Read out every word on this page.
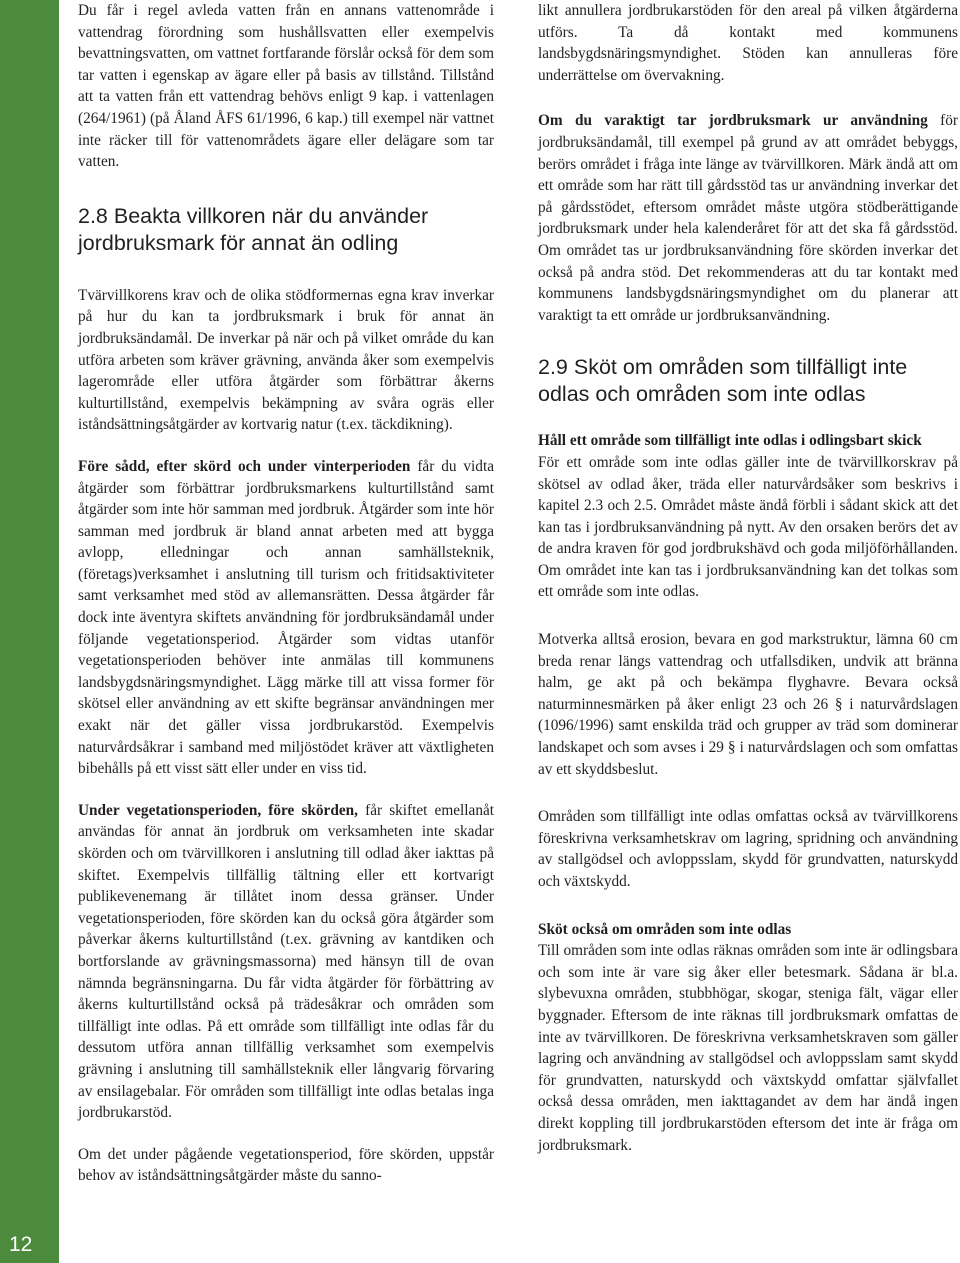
12

Du får i regel avleda vatten från en annans vattenområde i vattendrag förordning som hushållsvatten eller exempelvis bevattningsvatten, om vattnet fortfarande förslår också för dem som tar vatten i egenskap av ägare eller på basis av tillstånd. Tillstånd att ta vatten från ett vattendrag behövs enligt 9 kap. i vattenlagen (264/1961) (på Åland ÅFS 61/1996, 6 kap.) till exempel när vattnet inte räcker till för vattenområdets ägare eller delägare som tar vatten.

2.8 Beakta villkoren när du använder jordbruksmark för annat än odling

Tvärvillkorens krav och de olika stödformernas egna krav inverkar på hur du kan ta jordbruksmark i bruk för annat än jordbruksändamål. De inverkar på när och på vilket område du kan utföra arbeten som kräver grävning, använda åker som exempelvis lagerområde eller utföra åtgärder som förbättrar åkerns kulturtillstånd, exempelvis bekämpning av svåra ogräs eller iståndsättningsåtgärder av kortvarig natur (t.ex. täckdikning).

Före sådd, efter skörd och under vinterperioden får du vidta åtgärder som förbättrar jordbruksmarkens kulturtillstånd samt åtgärder som inte hör samman med jordbruk. Åtgärder som inte hör samman med jordbruk är bland annat arbeten med att bygga avlopp, elledningar och annan samhällsteknik, (företags)verksamhet i anslutning till turism och fritidsaktiviteter samt verksamhet med stöd av allemansrätten. Dessa åtgärder får dock inte äventyra skiftets användning för jordbruksändamål under följande vegetationsperiod. Åtgärder som vidtas utanför vegetationsperioden behöver inte anmälas till kommunens landsbygdsnäringsmyndighet. Lägg märke till att vissa former för skötsel eller användning av ett skifte begränsar användningen mer exakt när det gäller vissa jordbrukarstöd. Exempelvis naturvårdsåkrar i samband med miljöstödet kräver att växtligheten bibehålls på ett visst sätt eller under en viss tid.

Under vegetationsperioden, före skörden, får skiftet emellanåt användas för annat än jordbruk om verksamheten inte skadar skörden och om tvärvillkoren i anslutning till odlad åker iakttas på skiftet. Exempelvis tillfällig tältning eller ett kortvarigt publikevenemang är tillåtet inom dessa gränser. Under vegetationsperioden, före skörden kan du också göra åtgärder som påverkar åkerns kulturtillstånd (t.ex. grävning av kantdiken och bortforslande av grävningsmassorna) med hänsyn till de ovan nämnda begränsningarna. Du får vidta åtgärder för förbättring av åkerns kulturtillstånd också på trädesåkrar och områden som tillfälligt inte odlas. På ett område som tillfälligt inte odlas får du dessutom utföra annan tillfällig verksamhet som exempelvis grävning i anslutning till samhällsteknik eller långvarig förvaring av ensilagebalar. För områden som tillfälligt inte odlas betalas inga jordbrukarstöd.

Om det under pågående vegetationsperiod, före skörden, uppstår behov av iståndsättningsåtgärder måste du sanno-

likt annullera jordbrukarstöden för den areal på vilken åtgärderna utförs. Ta då kontakt med kommunens landsbygdsnäringsmyndighet. Stöden kan annulleras före underrättelse om övervakning.

Om du varaktigt tar jordbruksmark ur användning för jordbruksändamål, till exempel på grund av att området bebyggs, berörs området i fråga inte länge av tvärvillkoren. Märk ändå att om ett område som har rätt till gårdsstöd tas ur användning inverkar det på gårdsstödet, eftersom området måste utgöra stödberättigande jordbruksmark under hela kalenderåret för att det ska få gårdsstöd. Om området tas ur jordbruksanvändning före skörden inverkar det också på andra stöd. Det rekommenderas att du tar kontakt med kommunens landsbygdsnäringsmyndighet om du planerar att varaktigt ta ett område ur jordbruksanvändning.

2.9 Sköt om områden som tillfälligt inte odlas och områden som inte odlas
Håll ett område som tillfälligt inte odlas i odlingsbart skick

För ett område som inte odlas gäller inte de tvärvillkorskrav på skötsel av odlad åker, träda eller naturvårdsåker som beskrivs i kapitel 2.3 och 2.5. Området måste ändå förbli i sådant skick att det kan tas i jordbruksanvändning på nytt. Av den orsaken berörs det av de andra kraven för god jordbrukshävd och goda miljöförhållanden. Om området inte kan tas i jordbruksanvändning kan det tolkas som ett område som inte odlas.

Motverka alltså erosion, bevara en god markstruktur, lämna 60 cm breda renar längs vattendrag och utfallsdiken, undvik att bränna halm, ge akt på och bekämpa flyghavre. Bevara också naturminnesmärken på åker enligt 23 och 26 § i naturvårdslagen (1096/1996) samt enskilda träd och grupper av träd som dominerar landskapet och som avses i 29 § i naturvårdslagen och som omfattas av ett skyddsbeslut.

Områden som tillfälligt inte odlas omfattas också av tvärvillkorens föreskrivna verksamhetskrav om lagring, spridning och användning av stallgödsel och avloppsslam, skydd för grundvatten, naturskydd och växtskydd.

Sköt också om områden som inte odlas

Till områden som inte odlas räknas områden som inte är odlingsbara och som inte är vare sig åker eller betesmark. Sådana är bl.a. slybevuxna områden, stubbhögar, skogar, steniga fält, vägar eller byggnader. Eftersom de inte räknas till jordbruksmark omfattas de inte av tvärvillkoren. De föreskrivna verksamhetskraven som gäller lagring och användning av stallgödsel och avloppsslam samt skydd för grundvatten, naturskydd och växtskydd omfattar självfallet också dessa områden, men iakttagandet av dem har ändå ingen direkt koppling till jordbrukarstöden eftersom det inte är fråga om jordbruksmark.
